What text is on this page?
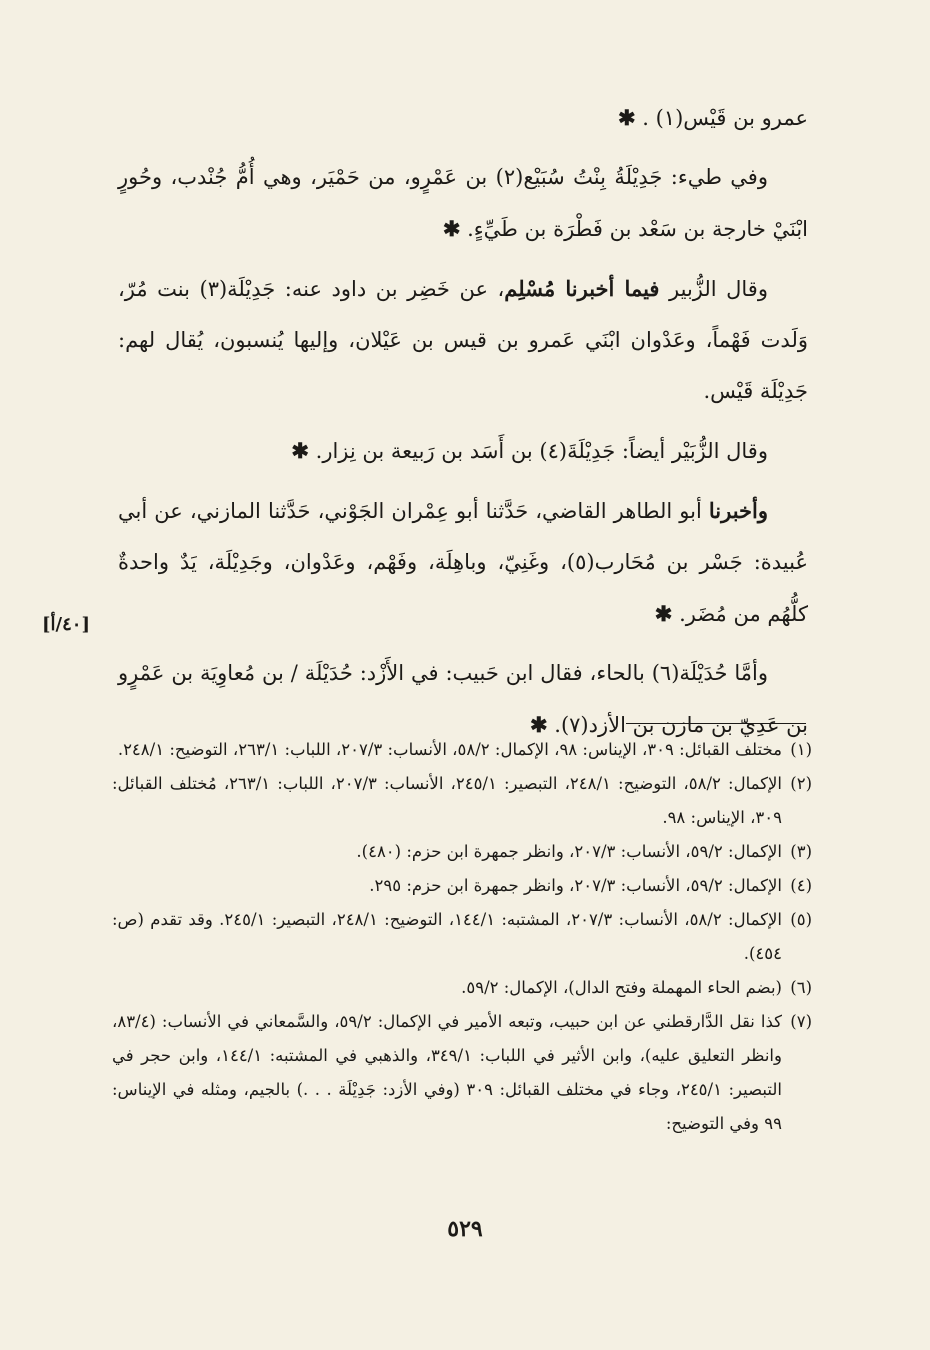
عمرو بن قَيْس(١) . ✱

وفي طيء: جَدِيْلَةُ بِنْتُ سُبَيْع(٢) بن عَمْرٍو، من حَمْيَر، وهي أُمُّ جُنْدب، وحُورٍ ابْنَيْ خارجة بن سَعْد بن فَطْرَة بن طَيِّءٍ. ✱

وقال الزُّبير فيما أخبرنا مُسْلِم، عن خَضِر بن داود عنه: جَدِيْلَة(٣) بنت مُرّ، وَلَدت فَهْماً، وعَدْوان ابْنَي عَمرو بن قيس بن عَيْلان، وإليها يُنسبون، يُقال لهم: جَدِيْلَة قَيْس.

وقال الزُّبَيْر أيضاً: جَدِيْلَةَ(٤) بن أَسَد بن رَبيعة بن نِزار. ✱

وأخبرنا أبو الطاهر القاضي، حَدَّثنا أبو عِمْران الجَوْني، حَدَّثنا المازني، عن أبي عُبيدة: جَسْر بن مُحَارب(٥)، وغَنِيّ، وباهِلَة، وفَهْم، وعَدْوان، وجَدِيْلَة، يَدٌ واحدةٌ كلُّهُم من مُضَر. ✱

وأمَّا حُدَيْلَة(٦) بالحاء، فقال ابن حَبيب: في الأَزْد: حُدَيْلَة / بن مُعاوِيَة بن عَمْرٍو بن عَدِيّ بن مازن بن الأزد(٧). ✱

[٤٠/أ]
(١)
مختلف القبائل: ٣٠٩، الإيناس: ٩٨، الإكمال: ٥٨/٢، الأنساب: ٢٠٧/٣، اللباب: ٢٦٣/١، التوضيح: ٢٤٨/١.
(٢)
الإكمال: ٥٨/٢، التوضيح: ٢٤٨/١، التبصير: ٢٤٥/١، الأنساب: ٢٠٧/٣، اللباب: ٢٦٣/١، مُختلف القبائل: ٣٠٩، الإيناس: ٩٨.
(٣)
الإكمال: ٥٩/٢، الأنساب: ٢٠٧/٣، وانظر جمهرة ابن حزم: (٤٨٠).
(٤)
الإكمال: ٥٩/٢، الأنساب: ٢٠٧/٣، وانظر جمهرة ابن حزم: ٢٩٥.
(٥)
الإكمال: ٥٨/٢، الأنساب: ٢٠٧/٣، المشتبه: ١٤٤/١، التوضيح: ٢٤٨/١، التبصير: ٢٤٥/١. وقد تقدم (ص: ٤٥٤).
(٦)
(بضم الحاء المهملة وفتح الدال)، الإكمال: ٥٩/٢.
(٧)
كذا نقل الدَّارقطني عن ابن حبيب، وتبعه الأمير في الإكمال: ٥٩/٢، والسَّمعاني في الأنساب: (٨٣/٤، وانظر التعليق عليه)، وابن الأثير في اللباب: ٣٤٩/١، والذهبي في المشتبه: ١٤٤/١، وابن حجر في التبصير: ٢٤٥/١، وجاء في مختلف القبائل: ٣٠٩ (وفي الأزد: جَدِيْلَة . . .) بالجيم، ومثله في الإيناس: ٩٩ وفي التوضيح:
٥٢٩
